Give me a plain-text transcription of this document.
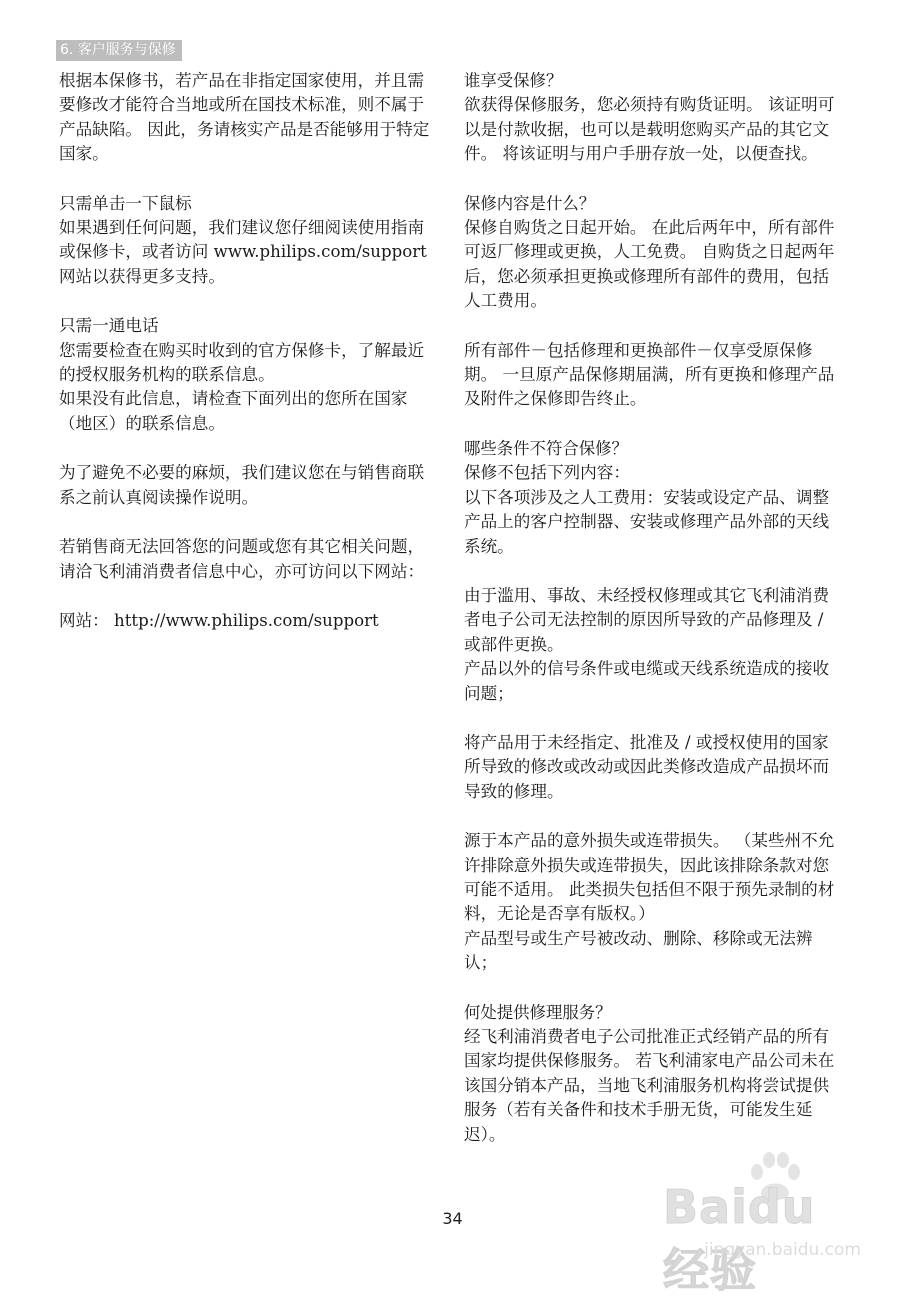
6. 客户服务与保修

根据本保修书，若产品在非指定国家使用，并且需要修改才能符合当地或所在国技术标准，则不属于产品缺陷。 因此，务请核实产品是否能够用于特定国家。

只需单击一下鼠标

如果遇到任何问题，我们建议您仔细阅读使用指南或保修卡，或者访问 www.philips.com/support 网站以获得更多支持。

只需一通电话

您需要检查在购买时收到的官方保修卡，了解最近的授权服务机构的联系信息。

如果没有此信息，请检查下面列出的您所在国家（地区）的联系信息。

为了避免不必要的麻烦，我们建议您在与销售商联系之前认真阅读操作说明。

若销售商无法回答您的问题或您有其它相关问题，请洽飞利浦消费者信息中心，亦可访问以下网站：

网站： http://www.philips.com/support

谁享受保修？

欲获得保修服务，您必须持有购货证明。 该证明可以是付款收据，也可以是载明您购买产品的其它文件。 将该证明与用户手册存放一处，以便查找。

保修内容是什么？

保修自购货之日起开始。 在此后两年中，所有部件可返厂修理或更换，人工免费。 自购货之日起两年后，您必须承担更换或修理所有部件的费用，包括人工费用。

所有部件－包括修理和更换部件－仅享受原保修期。 一旦原产品保修期届满，所有更换和修理产品及附件之保修即告终止。

哪些条件不符合保修？

保修不包括下列内容：

以下各项涉及之人工费用：安装或设定产品、调整产品上的客户控制器、安装或修理产品外部的天线系统。

由于滥用、事故、未经授权修理或其它飞利浦消费者电子公司无法控制的原因所导致的产品修理及 / 或部件更换。

产品以外的信号条件或电缆或天线系统造成的接收问题；

将产品用于未经指定、批准及 / 或授权使用的国家所导致的修改或改动或因此类修改造成产品损坏而导致的修理。

源于本产品的意外损失或连带损失。 （某些州不允许排除意外损失或连带损失，因此该排除条款对您可能不适用。 此类损失包括但不限于预先录制的材料，无论是否享有版权。）

产品型号或生产号被改动、删除、移除或无法辨认；

何处提供修理服务？

经飞利浦消费者电子公司批准正式经销产品的所有国家均提供保修服务。 若飞利浦家电产品公司未在该国分销本产品，当地飞利浦服务机构将尝试提供服务（若有关备件和技术手册无货，可能发生延迟）。

34	Baidu 经验
jingyan.baidu.com
